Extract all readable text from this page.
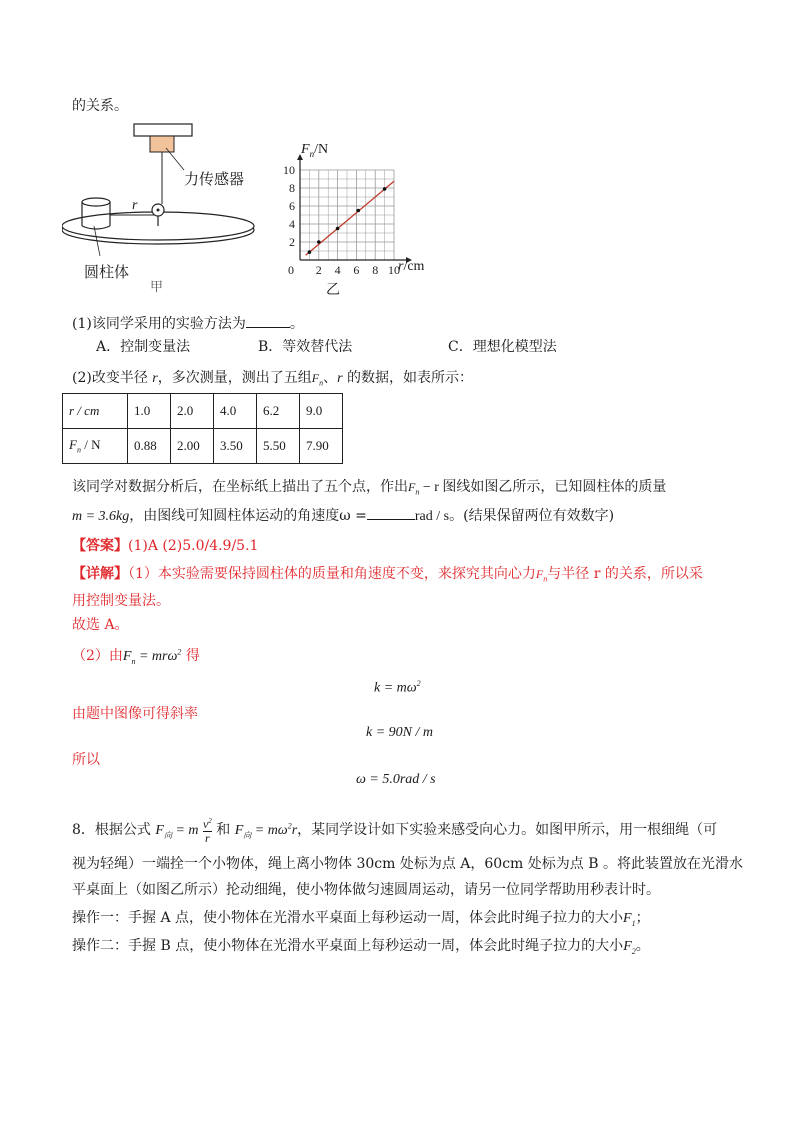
的关系。
力传感器
r
圆柱体
甲
2 4 6 8 10
2
4
6
8
10
0
$F_n/N$
r/cm
乙
(1)该同学采用的实验方法为	。
A．控制变量法	B．等效替代法	C．理想化模型法
(2)改变半径 r，多次测量，测出了五组$F_n$、r 的数据，如表所示：
r / cm	1.0	2.0	4.0	6.2	9.0
$F_n$ / N	0.88	2.00	3.50	5.50	7.90
该同学对数据分析后，在坐标纸上描出了五个点，作出$F_n - r$ 图线如图乙所示，已知圆柱体的质量
m = 3.6kg，由图线可知圆柱体运动的角速度ω =	rad / s。(结果保留两位有效数字)
【答案】(1)A (2)5.0/4.9/5.1
【详解】（1）本实验需要保持圆柱体的质量和角速度不变，来探究其向心力$F_n$与半径 r 的关系，所以采
用控制变量法。
故选 A。
（2）由$F_n = mr\omega^2$ 得
$k = m\omega^2$
由题中图像可得斜率
k = 90N / m
所以
ω = 5.0rad / s
8．根据公式 $F_向 = m \frac{v^2}{r}$ 和 $F_向 = m\omega^2r$，某同学设计如下实验来感受向心力。如图甲所示，用一根细绳（可
视为轻绳）一端拴一个小物体，绳上离小物体 30cm 处标为点 A，60cm 处标为点 B 。将此装置放在光滑水
平桌面上（如图乙所示）抡动细绳，使小物体做匀速圆周运动，请另一位同学帮助用秒表计时。
操作一：手握 A 点，使小物体在光滑水平桌面上每秒运动一周，体会此时绳子拉力的大小$F_1$；
操作二：手握 B 点，使小物体在光滑水平桌面上每秒运动一周，体会此时绳子拉力的大小$F_2$。
